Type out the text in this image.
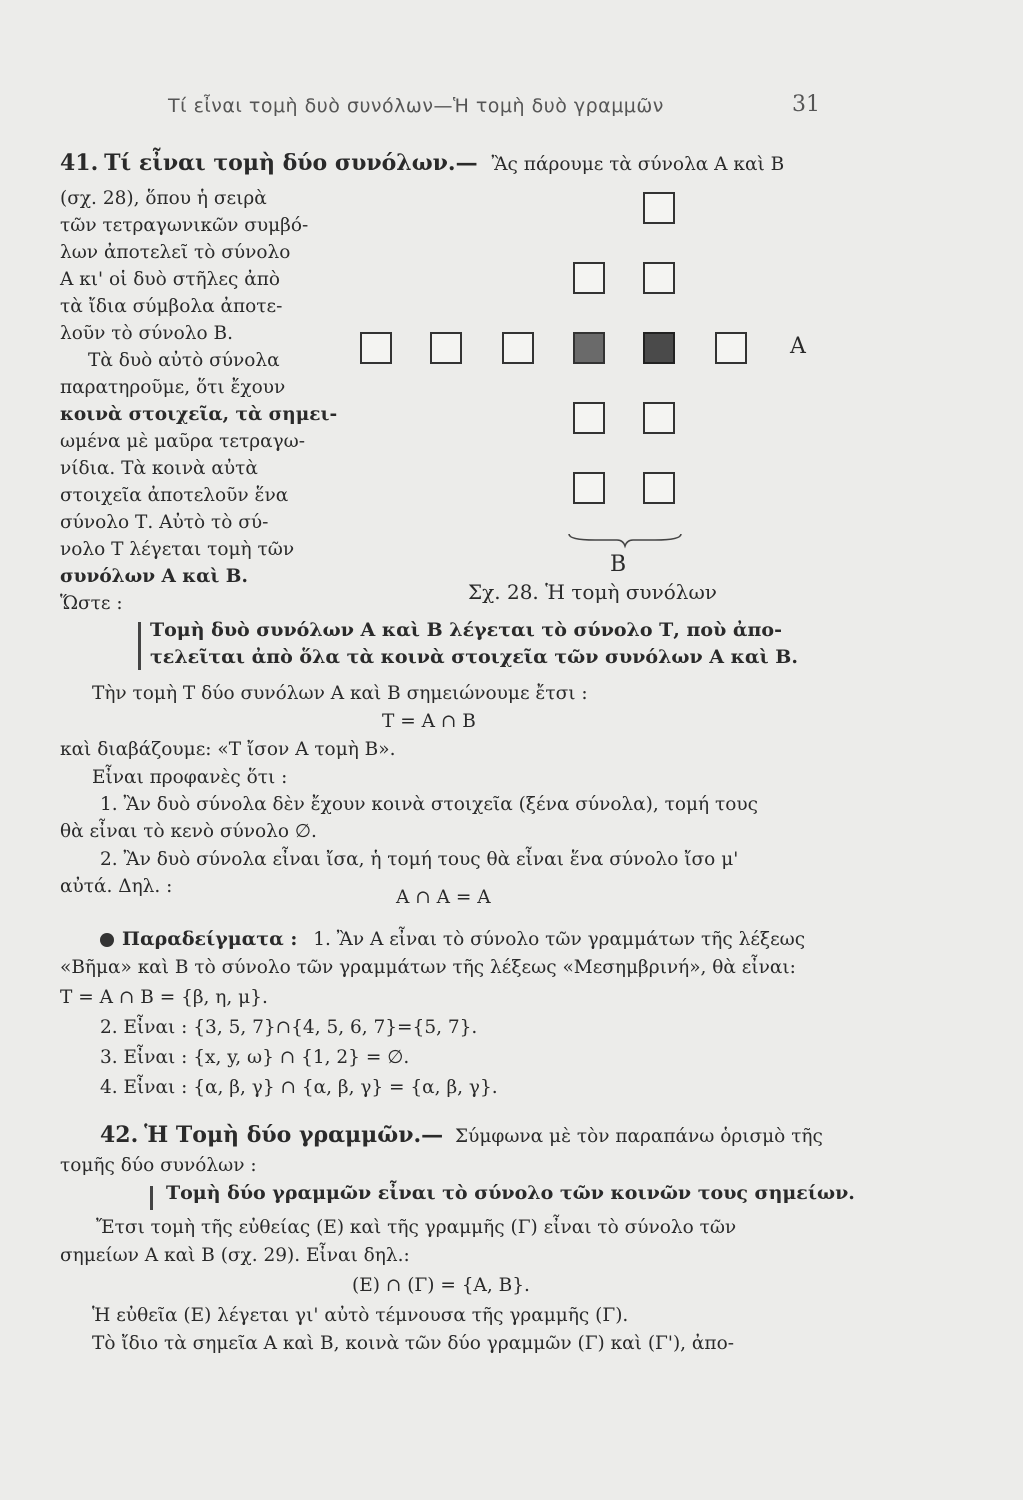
Τί εἶναι τομὴ δυὸ συνόλων—Ἡ τομὴ δυὸ γραμμῶν	31
41. Τί εἶναι τομὴ δύο συνόλων.— Ἂς πάρουμε τὰ σύνολα Α καὶ Β
(σχ. 28), ὅπου ἡ σειρὰ
τῶν τετραγωνικῶν συμβό-
λων ἀποτελεῖ τὸ σύνολο
Α κι' οἱ δυὸ στῆλες ἀπὸ
τὰ ἴδια σύμβολα ἀποτε-
λοῦν τὸ σύνολο Β.
Τὰ δυὸ αὐτὸ σύνολα
παρατηροῦμε, ὅτι ἔχουν
κοινὰ στοιχεῖα, τὰ σημει-
ωμένα μὲ μαῦρα τετραγω-
νίδια. Τὰ κοινὰ αὐτὰ
στοιχεῖα ἀποτελοῦν ἕνα
σύνολο Τ. Αὐτὸ τὸ σύ-
νολο Τ λέγεται τομὴ τῶν
συνόλων Α καὶ Β.
Ὥστε :
Α
Β
Σχ. 28. Ἡ τομὴ συνόλων
Τομὴ δυὸ συνόλων Α καὶ Β λέγεται τὸ σύνολο Τ, ποὺ ἀπο-
τελεῖται ἀπὸ ὅλα τὰ κοινὰ στοιχεῖα τῶν συνόλων Α καὶ Β.
Τὴν τομὴ Τ δύο συνόλων Α καὶ Β σημειώνουμε ἔτσι :
Τ = Α ∩ Β
καὶ διαβάζουμε: «Τ ἴσον Α τομὴ Β».
Εἶναι προφανὲς ὅτι :
1. Ἂν δυὸ σύνολα δὲν ἔχουν κοινὰ στοιχεῖα (ξένα σύνολα), τομή τους
θὰ εἶναι τὸ κενὸ σύνολο ∅.
2. Ἂν δυὸ σύνολα εἶναι ἴσα, ἡ τομή τους θὰ εἶναι ἕνα σύνολο ἴσο μ'
αὐτά. Δηλ. :
Α ∩ Α = Α
Παραδείγματα : 1. Ἂν Α εἶναι τὸ σύνολο τῶν γραμμάτων τῆς λέξεως
«Βῆμα» καὶ Β τὸ σύνολο τῶν γραμμάτων τῆς λέξεως «Μεσημβρινή», θὰ εἶναι:
Τ = Α ∩ Β = {β, η, μ}.
2. Εἶναι : {3, 5, 7}∩{4, 5, 6, 7}={5, 7}.
3. Εἶναι : {x, y, ω} ∩ {1, 2} = ∅.
4. Εἶναι : {α, β, γ} ∩ {α, β, γ} = {α, β, γ}.
42. Ἡ Τομὴ δύο γραμμῶν.— Σύμφωνα μὲ τὸν παραπάνω ὁρισμὸ τῆς
τομῆς δύο συνόλων :
Τομὴ δύο γραμμῶν εἶναι τὸ σύνολο τῶν κοινῶν τους σημείων.
Ἔτσι τομὴ τῆς εὐθείας (Ε) καὶ τῆς γραμμῆς (Γ) εἶναι τὸ σύνολο τῶν
σημείων Α καὶ Β (σχ. 29). Εἶναι δηλ.:
(Ε) ∩ (Γ) = {Α, Β}.
Ἡ εὐθεῖα (Ε) λέγεται γι' αὐτὸ τέμνουσα τῆς γραμμῆς (Γ).
Τὸ ἴδιο τὰ σημεῖα Α καὶ Β, κοινὰ τῶν δύο γραμμῶν (Γ) καὶ (Γ'), ἀπο-
